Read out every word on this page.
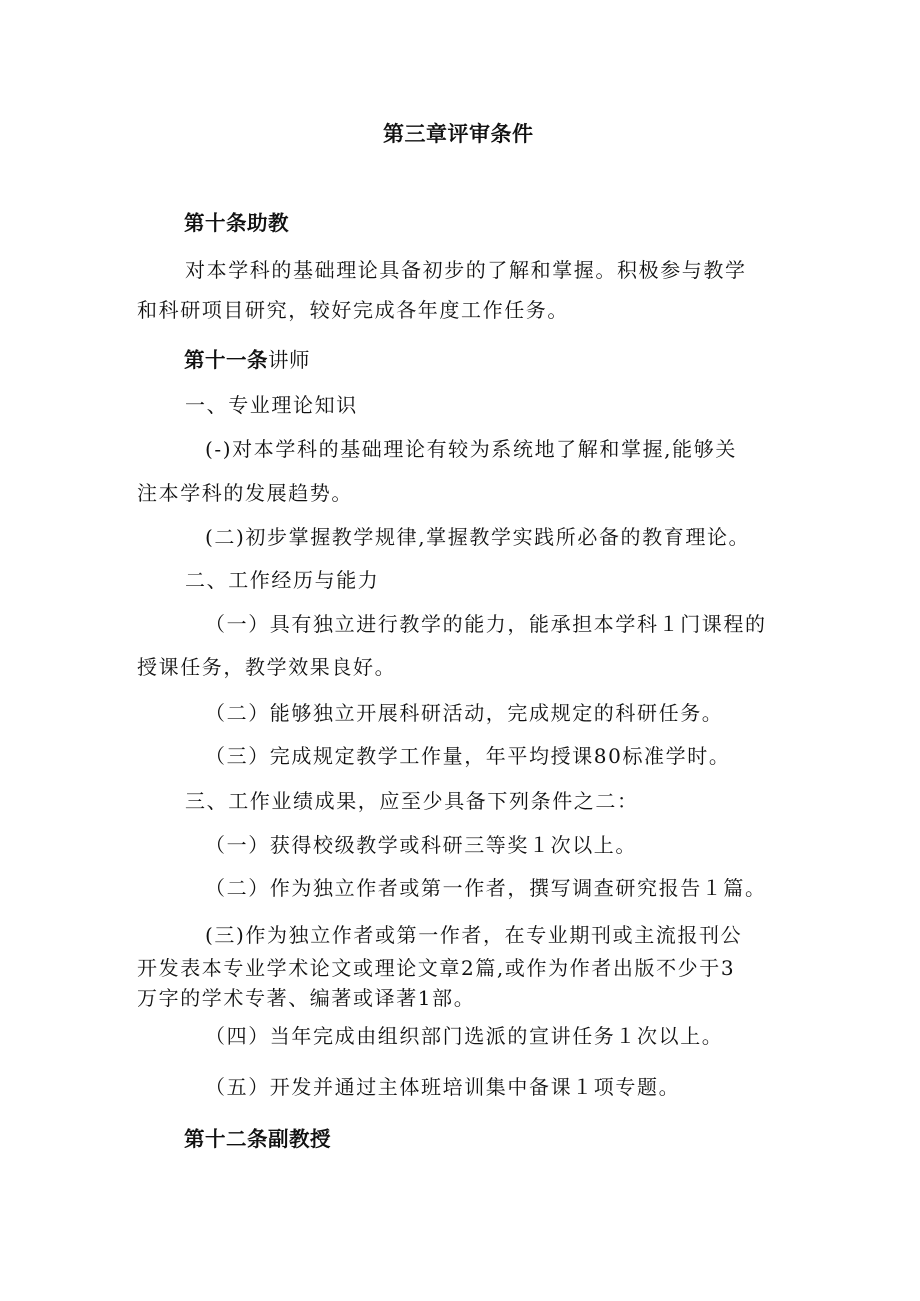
第三章评审条件
第十条助教
对本学科的基础理论具备初步的了解和掌握。积极参与教学
和科研项目研究，较好完成各年度工作任务。
第十一条讲师
一、专业理论知识
(-)对本学科的基础理论有较为系统地了解和掌握,能够关
注本学科的发展趋势。
(二)初步掌握教学规律,掌握教学实践所必备的教育理论。
二、工作经历与能力
（一）具有独立进行教学的能力，能承担本学科１门课程的
授课任务，教学效果良好。
（二）能够独立开展科研活动，完成规定的科研任务。
（三）完成规定教学工作量，年平均授课80标准学时。
三、工作业绩成果，应至少具备下列条件之二：
（一）获得校级教学或科研三等奖１次以上。
（二）作为独立作者或第一作者，撰写调查研究报告１篇。
(三)作为独立作者或第一作者，在专业期刊或主流报刊公
开发表本专业学术论文或理论文章2篇,或作为作者出版不少于3
万字的学术专著、编著或译著1部。
（四）当年完成由组织部门选派的宣讲任务１次以上。
（五）开发并通过主体班培训集中备课１项专题。
第十二条副教授
